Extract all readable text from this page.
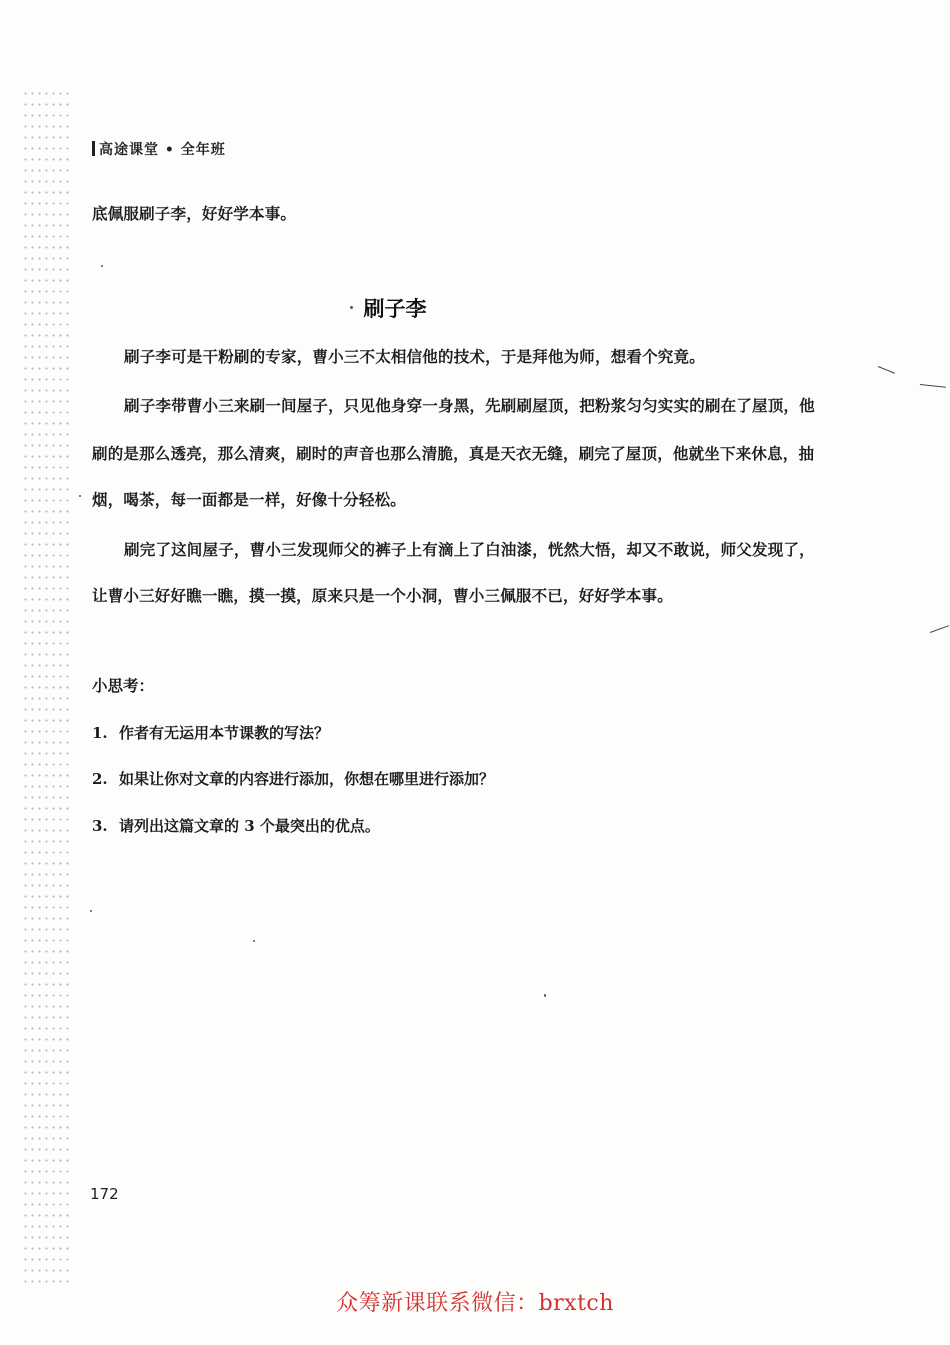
高途课堂 • 全年班
底佩服刷子李，好好学本事。
刷子李
刷子李可是干粉刷的专家，曹小三不太相信他的技术，于是拜他为师，想看个究竟。
刷子李带曹小三来刷一间屋子，只见他身穿一身黑，先刷刷屋顶，把粉浆匀匀实实的刷在了屋顶，他
刷的是那么透亮，那么清爽，刷时的声音也那么清脆，真是天衣无缝，刷完了屋顶，他就坐下来休息，抽
烟，喝茶，每一面都是一样，好像十分轻松。
刷完了这间屋子，曹小三发现师父的裤子上有滴上了白油漆，恍然大悟，却又不敢说，师父发现了，
让曹小三好好瞧一瞧，摸一摸，原来只是一个小洞，曹小三佩服不已，好好学本事。
小思考：
1. 作者有无运用本节课教的写法？
2. 如果让你对文章的内容进行添加，你想在哪里进行添加？
3. 请列出这篇文章的 3 个最突出的优点。
172
众筹新课联系微信：brxtch
